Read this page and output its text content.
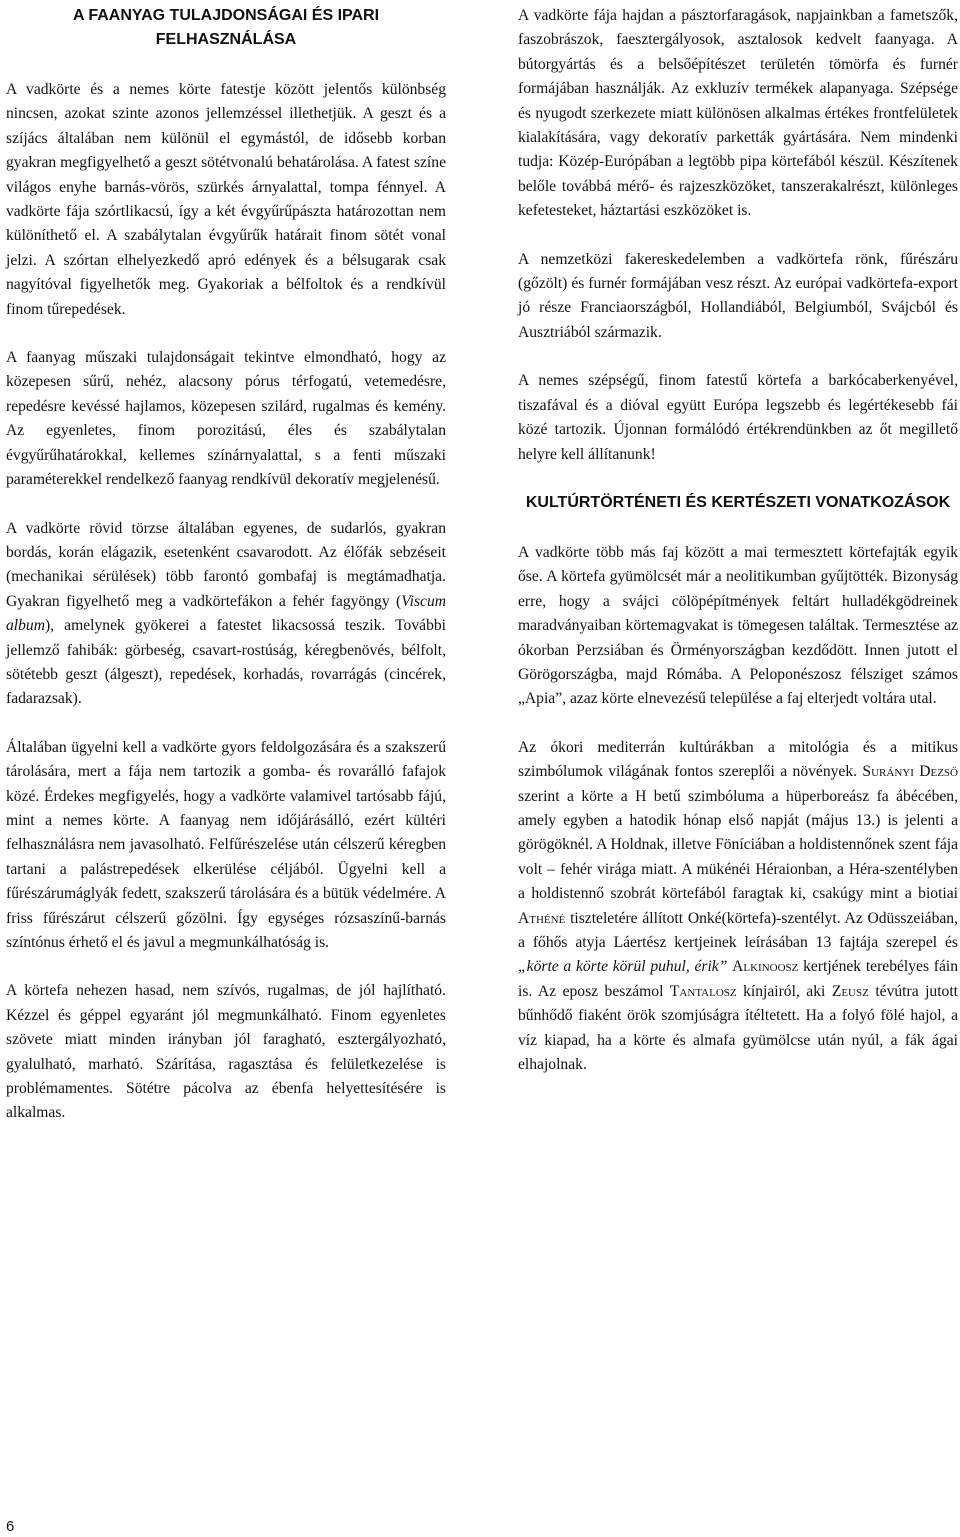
A FAANYAG TULAJDONSÁGAI ÉS IPARI FELHASZNÁLÁSA

A vadkörte és a nemes körte fatestje között jelentős különbség nincsen, azokat szinte azonos jellemzéssel illethetjük. A geszt és a szíjács általában nem különül el egymástól, de idősebb korban gyakran megfigyelhető a geszt sötétvonalú behatárolása. A fatest színe világos enyhe barnás-vörös, szürkés árnyalattal, tompa fénnyel. A vadkörte fája szórtlikacsú, így a két évgyűrűpászta határozottan nem különíthető el. A szabálytalan évgyűrűk határait finom sötét vonal jelzi. A szórtan elhelyezkedő apró edények és a bélsugarak csak nagyítóval figyelhetők meg. Gyakoriak a bélfoltok és a rendkívül finom tűrepedések.

A faanyag műszaki tulajdonságait tekintve elmondható, hogy az közepesen sűrű, nehéz, alacsony pórus térfogatú, vetemedésre, repedésre kevéssé hajlamos, közepesen szilárd, rugalmas és kemény. Az egyenletes, finom porozitású, éles és szabálytalan évgyűrűhatárokkal, kellemes színárnyalattal, s a fenti műszaki paraméterekkel rendelkező faanyag rendkívül dekoratív megjelenésű.

A vadkörte rövid törzse általában egyenes, de sudarlós, gyakran bordás, korán elágazik, esetenként csavarodott. Az élőfák sebzéseit (mechanikai sérülések) több farontó gombafaj is megtámadhatja. Gyakran figyelhető meg a vadkörtefákon a fehér fagyöngy (Viscum album), amelynek gyökerei a fatestet likacsossá teszik. További jellemző fahibák: görbeség, csavart-rostúság, kéregbenövés, bélfolt, sötétebb geszt (álgeszt), repedések, korhadás, rovarrágás (cincérek, fadarazsak).

Általában ügyelni kell a vadkörte gyors feldolgozására és a szakszerű tárolására, mert a fája nem tartozik a gomba- és rovarálló fafajok közé. Érdekes megfigyelés, hogy a vadkörte valamivel tartósabb fájú, mint a nemes körte. A faanyag nem időjárásálló, ezért kültéri felhasználásra nem javasolható. Felfűrészelése után célszerű kéregben tartani a palástrepedések elkerülése céljából. Ügyelni kell a fűrészárumáglyák fedett, szakszerű tárolására és a bütük védelmére. A friss fűrészárut célszerű gőzölni. Így egységes rózsaszínű-barnás színtónus érhető el és javul a megmunkálhatóság is.

A körtefa nehezen hasad, nem szívós, rugalmas, de jól hajlítható. Kézzel és géppel egyaránt jól megmunkálható. Finom egyenletes szövete miatt minden irányban jól faragható, esztergályozható, gyalulható, marható. Szárítása, ragasztása és felületkezelése is problémamentes. Sötétre pácolva az ébenfa helyettesítésére is alkalmas.

A vadkörte fája hajdan a pásztorfaragások, napjainkban a fametszők, faszobrászok, faesztergályosok, asztalosok kedvelt faanyaga. A bútorgyártás és a belsőépítészet területén tömörfa és furnér formájában használják. Az exkluzív termékek alapanyaga. Szépsége és nyugodt szerkezete miatt különösen alkalmas értékes frontfelületek kialakítására, vagy dekoratív parketták gyártására. Nem mindenki tudja: Közép-Európában a legtöbb pipa körtefából készül. Készítenek belőle továbbá mérő- és rajzeszközöket, tanszerakalrészt, különleges kefetesteket, háztartási eszközöket is.

A nemzetközi fakereskedelemben a vadkörtefa rönk, fűrészáru (gőzölt) és furnér formájában vesz részt. Az európai vadkörtefa-export jó része Franciaországból, Hollandiából, Belgiumból, Svájcból és Ausztriából származik.

A nemes szépségű, finom fatestű körtefa a barkócaberkenyével, tiszafával és a dióval együtt Európa legszebb és legértékesebb fái közé tartozik. Újonnan formálódó értékrendünkben az őt megillető helyre kell állítanunk!

KULTÚRTÖRTÉNETI ÉS KERTÉSZETI VONATKOZÁSOK

A vadkörte több más faj között a mai termesztett körtefajták egyik őse. A körtefa gyümölcsét már a neolitikumban gyűjtötték. Bizonyság erre, hogy a svájci cölöpépítmények feltárt hulladékgödreinek maradványaiban körtemagvakat is tömegesen találtak. Termesztése az ókorban Perzsiában és Örményországban kezdődött. Innen jutott el Görögországba, majd Rómába. A Peloponészosz félsziget számos „Apia”, azaz körte elnevezésű települése a faj elterjedt voltára utal.

Az ókori mediterrán kultúrákban a mitológia és a mitikus szimbólumok világának fontos szereplői a növények. Surányi Dezső szerint a körte a H betű szimbóluma a hüperboreász fa ábécében, amely egyben a hatodik hónap első napját (május 13.) is jelenti a görögöknél. A Holdnak, illetve Föníciában a holdistennőnek szent fája volt – fehér virága miatt. A mükénéi Héraionban, a Héra-szentélyben a holdistennő szobrát körtefából faragtak ki, csakúgy mint a biotiai Athéné tiszteletére állított Onké(körtefa)-szentélyt. Az Odüsszeiában, a főhős atyja Láertész kertjeinek leírásában 13 fajtája szerepel és „körte a körte körül puhul, érik” Alkinoosz kertjének terebélyes fáin is. Az eposz beszámol Tantalosz kínjairól, aki Zeusz tévútra jutott bűnhődő fiaként örök szomjúságra ítéltetett. Ha a folyó fölé hajol, a víz kiapad, ha a körte és almafa gyümölcse után nyúl, a fák ágai elhajolnak.

6
